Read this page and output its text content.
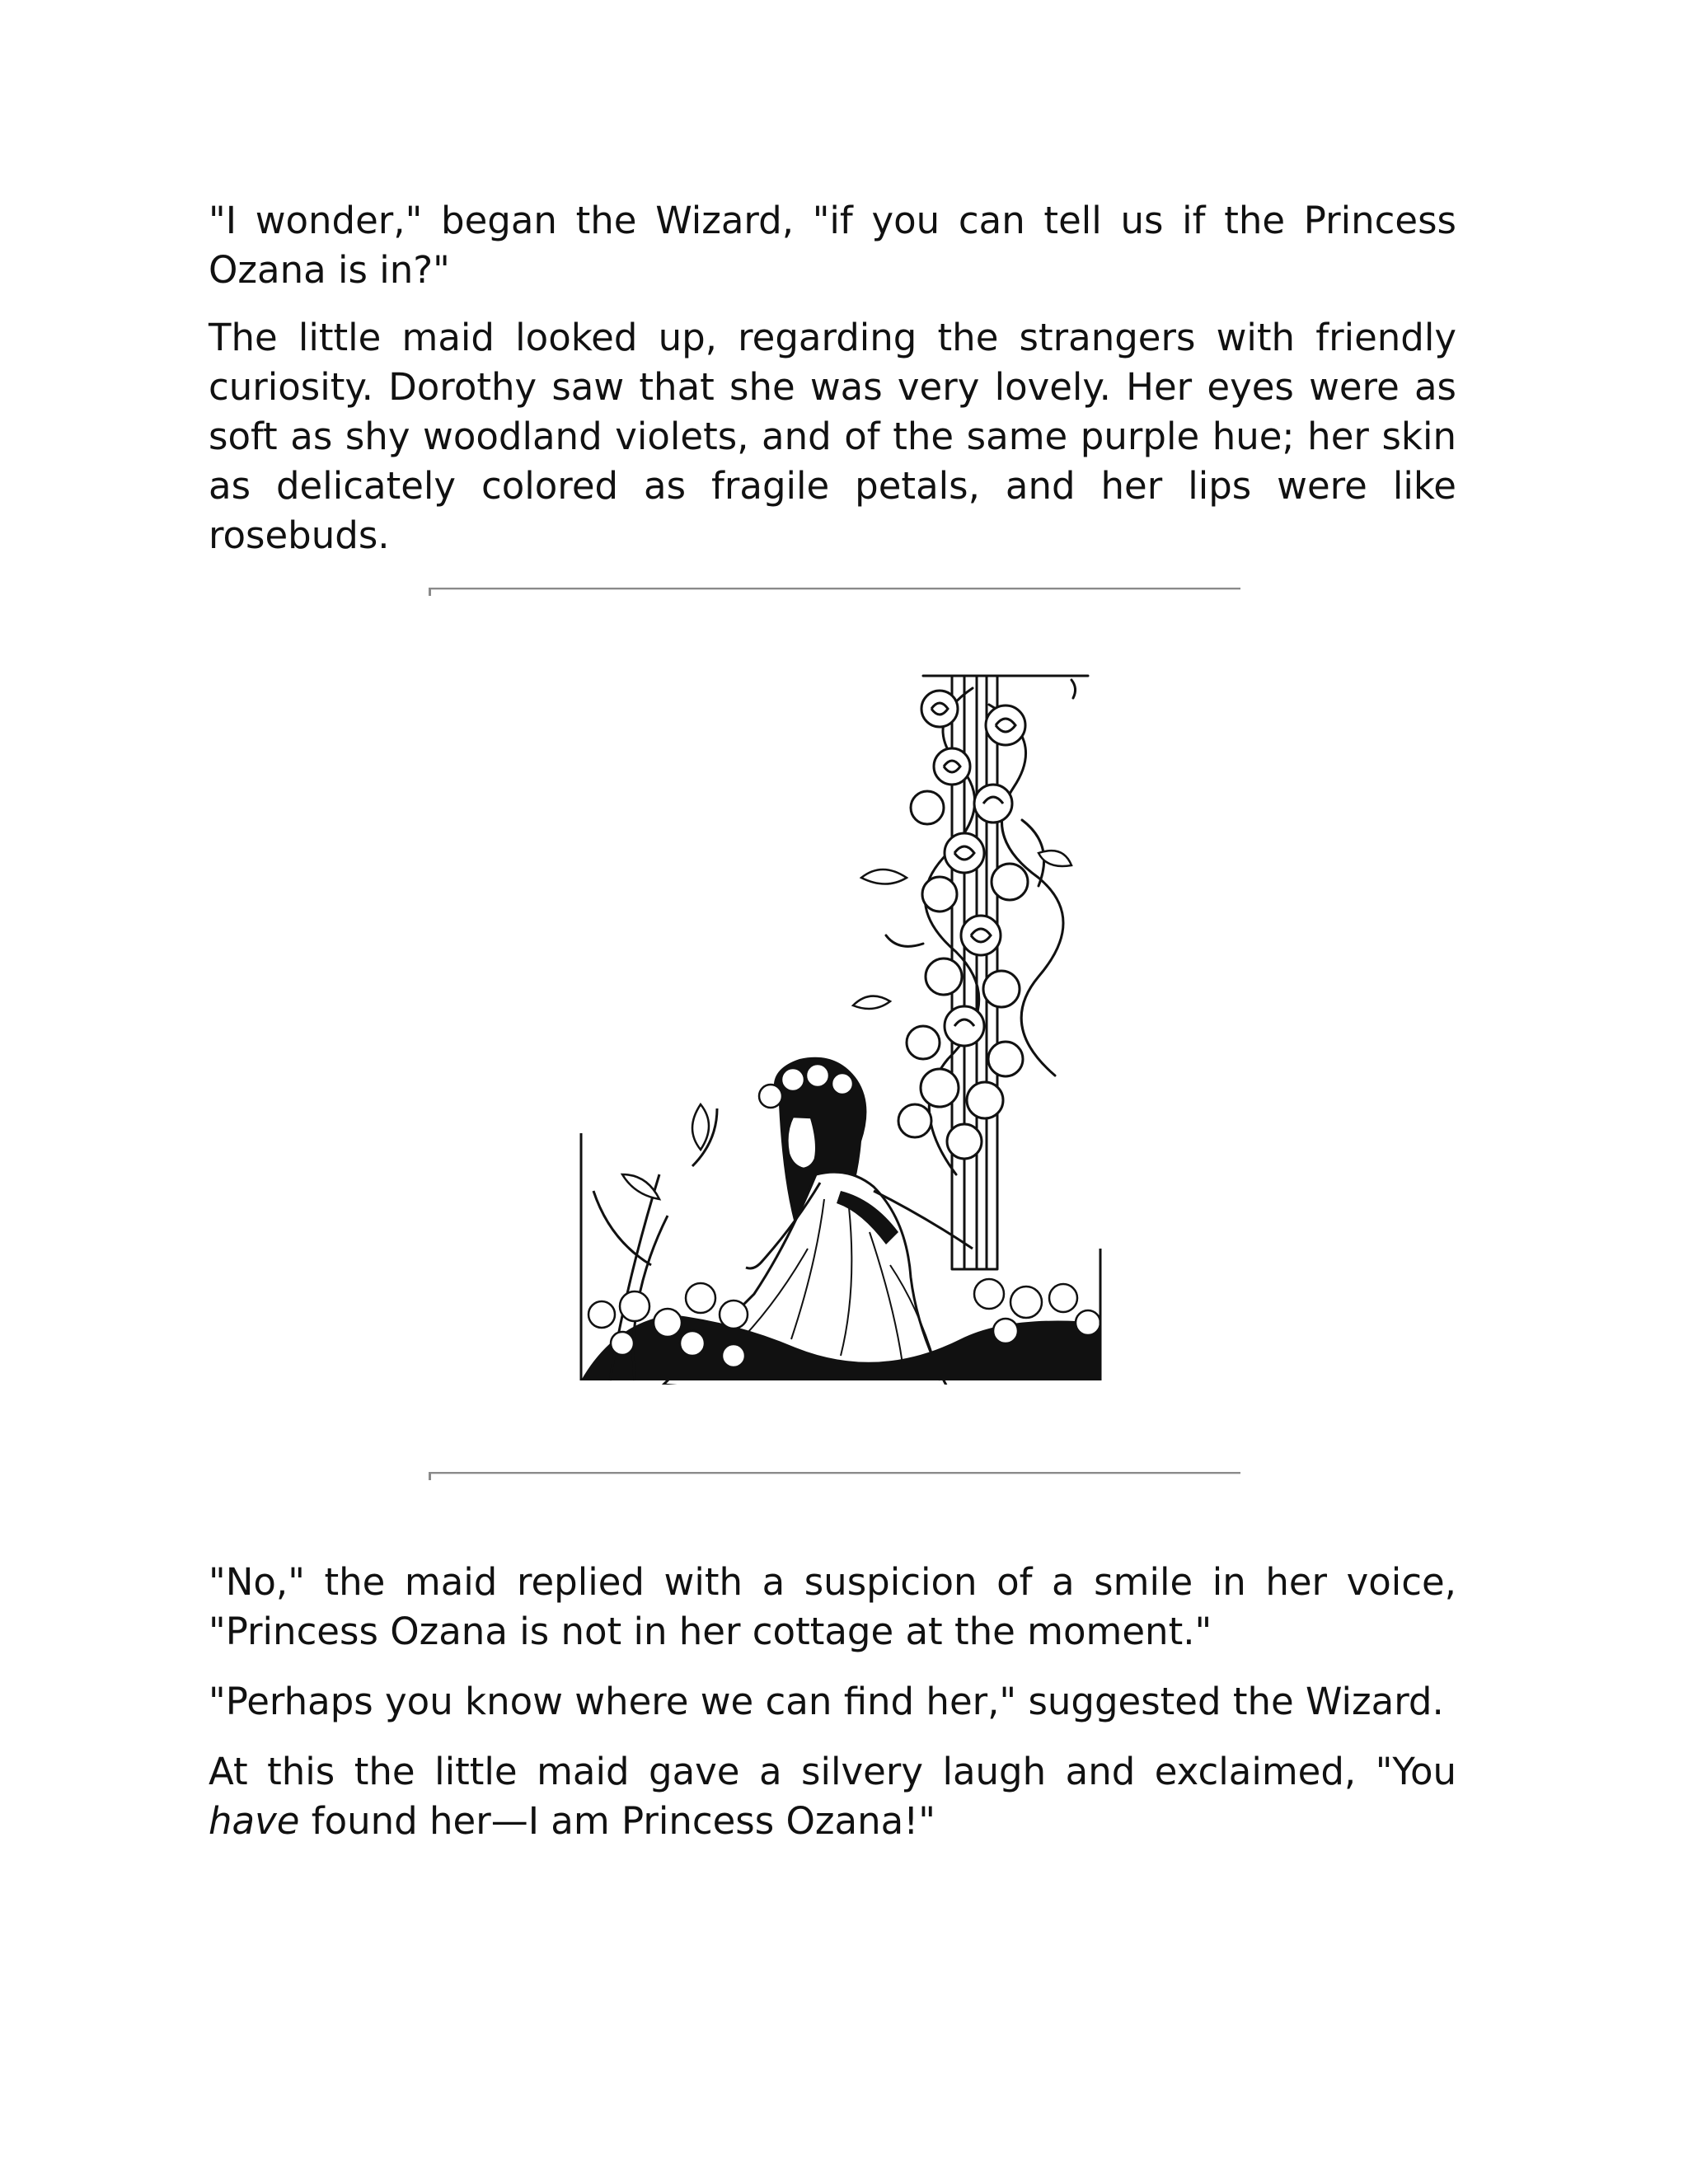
"I wonder," began the Wizard, "if you can tell us if the Princess Ozana is in?"

The little maid looked up, regarding the strangers with friendly curiosity. Dorothy saw that she was very lovely. Her eyes were as soft as shy woodland violets, and of the same purple hue; her skin as delicately colored as fragile petals, and her lips were like rosebuds.

"No," the maid replied with a suspicion of a smile in her voice, "Princess Ozana is not in her cottage at the moment."

"Perhaps you know where we can find her," suggested the Wizard.

At this the little maid gave a silvery laugh and exclaimed, "You have found her—I am Princess Ozana!"
